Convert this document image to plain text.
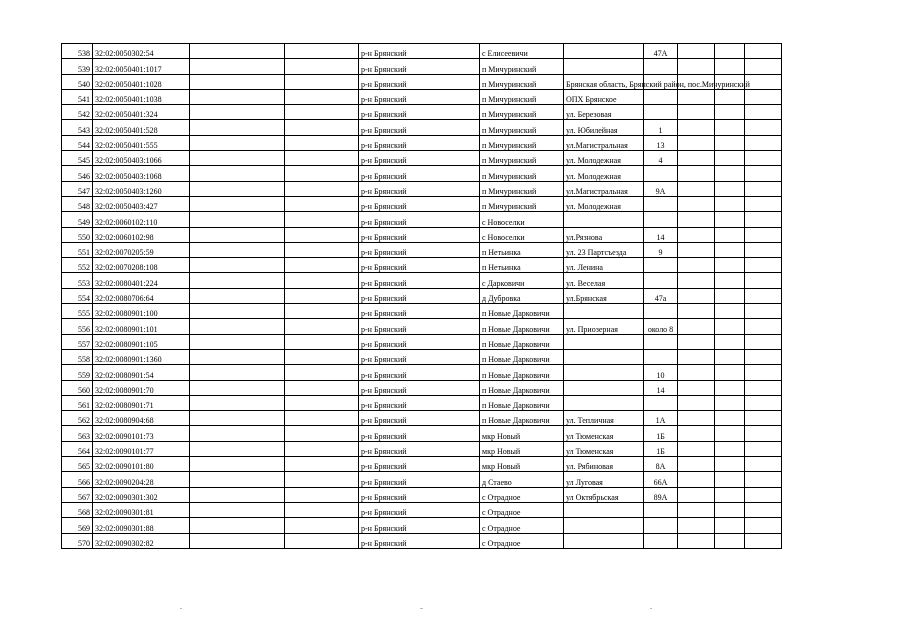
538	32:02:0050302:54			р-н Брянский	с Елисеевичи		47А			
539	32:02:0050401:1017			р-н Брянский	п Мичуринский					
540	32:02:0050401:1028			р-н Брянский	п Мичуринский	Брянская область, Брянский район, пос.Мичуринский				
541	32:02:0050401:1038			р-н Брянский	п Мичуринский	ОПХ Брянское				
542	32:02:0050401:324			р-н Брянский	п Мичуринский	ул. Березовая				
543	32:02:0050401:528			р-н Брянский	п Мичуринский	ул. Юбилейная	1			
544	32:02:0050401:555			р-н Брянский	п Мичуринский	ул.Магистральная	13			
545	32:02:0050403:1066			р-н Брянский	п Мичуринский	ул. Молодежная	4			
546	32:02:0050403:1068			р-н Брянский	п Мичуринский	ул. Молодежная				
547	32:02:0050403:1260			р-н Брянский	п Мичуринский	ул.Магистральная	9А			
548	32:02:0050403:427			р-н Брянский	п Мичуринский	ул. Молодежная				
549	32:02:0060102:110			р-н Брянский	с Новоселки					
550	32:02:0060102:98			р-н Брянский	с Новоселки	ул.Рязнова	14			
551	32:02:0070205:59			р-н Брянский	п Нетьинка	ул. 23 Партсъезда	9			
552	32:02:0070208:108			р-н Брянский	п Нетьинка	ул. Ленина				
553	32:02:0080401:224			р-н Брянский	с Дарковичи	ул. Веселая				
554	32:02:0080706:64			р-н Брянский	д Дубровка	ул.Брянская	47а			
555	32:02:0080901:100			р-н Брянский	п Новые Дарковичи					
556	32:02:0080901:101			р-н Брянский	п Новые Дарковичи	ул. Приозерная	около 8			
557	32:02:0080901:105			р-н Брянский	п Новые Дарковичи					
558	32:02:0080901:1360			р-н Брянский	п Новые Дарковичи					
559	32:02:0080901:54			р-н Брянский	п Новые Дарковичи		10			
560	32:02:0080901:70			р-н Брянский	п Новые Дарковичи		14			
561	32:02:0080901:71			р-н Брянский	п Новые Дарковичи					
562	32:02:0080904:68			р-н Брянский	п Новые Дарковичи	ул. Тепличная	1А			
563	32:02:0090101:73			р-н Брянский	мкр Новый	ул Тюменская	1Б			
564	32:02:0090101:77			р-н Брянский	мкр Новый	ул Тюменская	1Б			
565	32:02:0090101:80			р-н Брянский	мкр Новый	ул. Рябиновая	8А			
566	32:02:0090204:28			р-н Брянский	д Стаево	ул Луговая	66А			
567	32:02:0090301:302			р-н Брянский	с Отрадное	ул Октябрьская	89А			
568	32:02:0090301:81			р-н Брянский	с Отрадное					
569	32:02:0090301:88			р-н Брянский	с Отрадное					
570	32:02:0090302:82			р-н Брянский	с Отрадное					
